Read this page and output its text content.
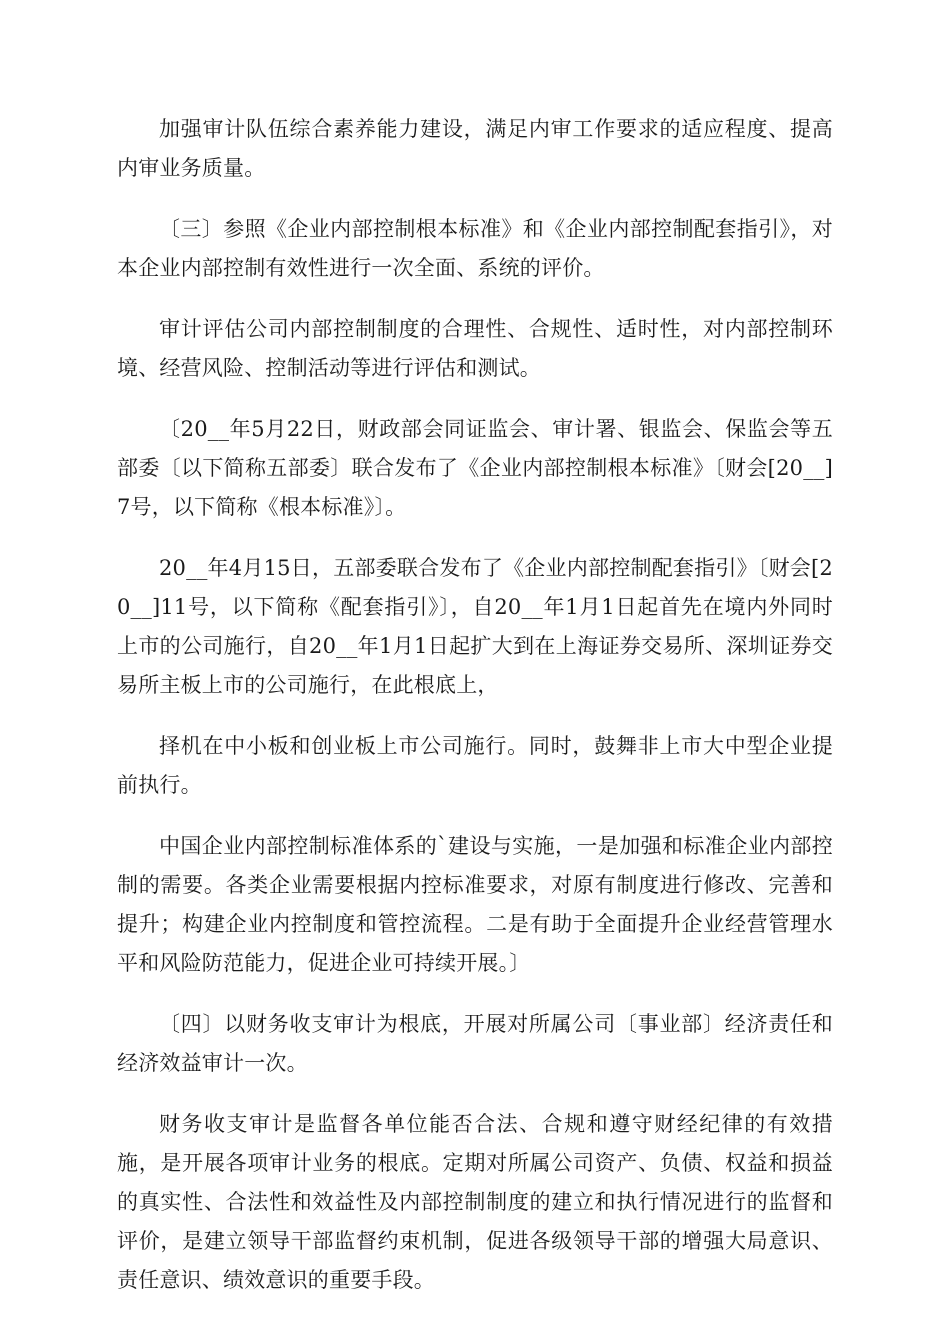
加强审计队伍综合素养能力建设，满足内审工作要求的适应程度、提高内审业务质量。

〔三〕参照《企业内部控制根本标准》和《企业内部控制配套指引》，对本企业内部控制有效性进行一次全面、系统的评价。

审计评估公司内部控制制度的合理性、合规性、适时性，对内部控制环境、经营风险、控制活动等进行评估和测试。

〔20__年5月22日，财政部会同证监会、审计署、银监会、保监会等五部委〔以下简称五部委〕联合发布了《企业内部控制根本标准》〔财会[20__]7号，以下简称《根本标准》〕。

20__年4月15日，五部委联合发布了《企业内部控制配套指引》〔财会[20__]11号，以下简称《配套指引》〕，自20__年1月1日起首先在境内外同时上市的公司施行，自20__年1月1日起扩大到在上海证券交易所、深圳证券交易所主板上市的公司施行，在此根底上，

择机在中小板和创业板上市公司施行。同时，鼓舞非上市大中型企业提前执行。

中国企业内部控制标准体系的`建设与实施，一是加强和标准企业内部控制的需要。各类企业需要根据内控标准要求，对原有制度进行修改、完善和提升；构建企业内控制度和管控流程。二是有助于全面提升企业经营管理水平和风险防范能力，促进企业可持续开展。〕

〔四〕以财务收支审计为根底，开展对所属公司〔事业部〕经济责任和经济效益审计一次。

财务收支审计是监督各单位能否合法、合规和遵守财经纪律的有效措施，是开展各项审计业务的根底。定期对所属公司资产、负债、权益和损益的真实性、合法性和效益性及内部控制制度的建立和执行情况进行的监督和评价，是建立领导干部监督约束机制，促进各级领导干部的增强大局意识、责任意识、绩效意识的重要手段。
